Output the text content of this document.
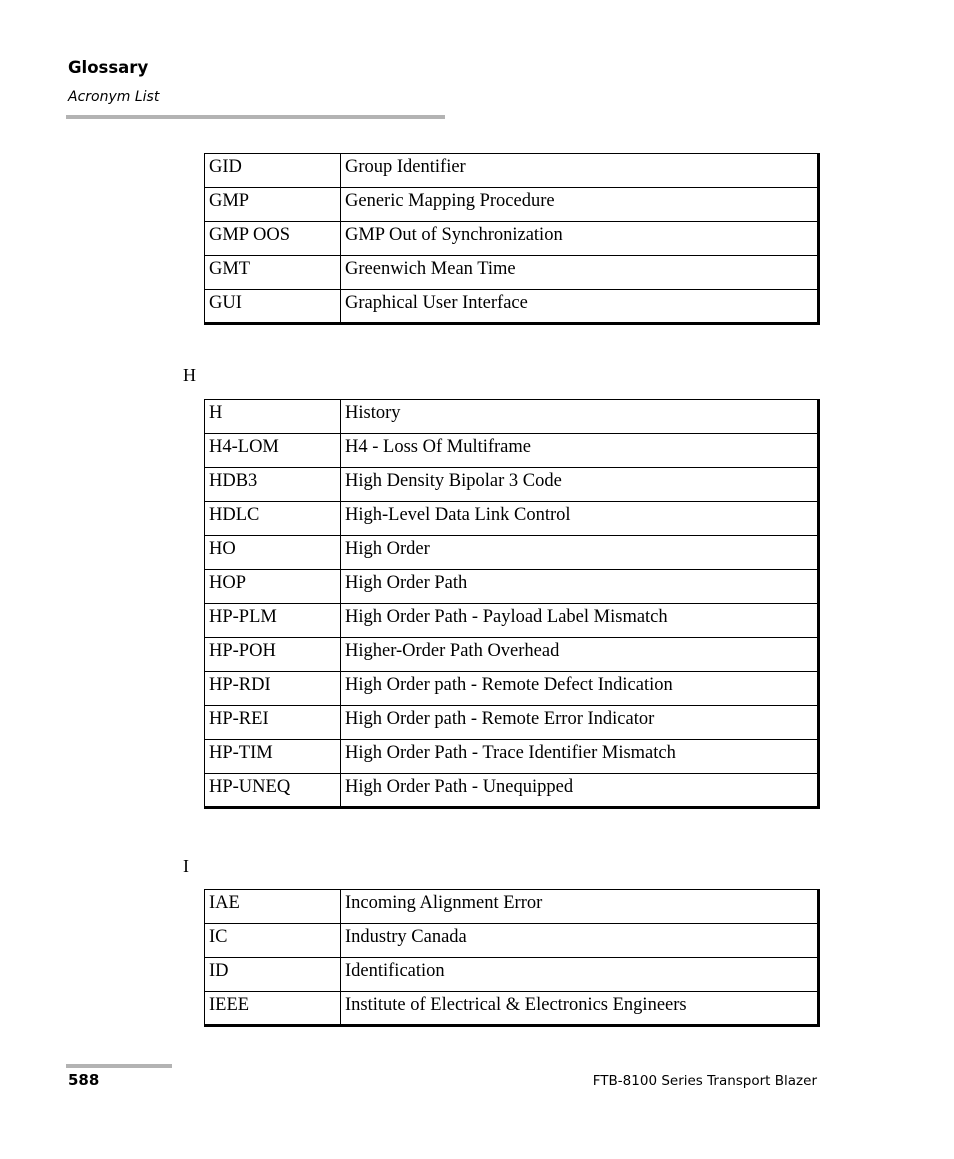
Glossary
Acronym List
GID	Group Identifier
GMP	Generic Mapping Procedure
GMP OOS	GMP Out of Synchronization
GMT	Greenwich Mean Time
GUI	Graphical User Interface
H
H	History
H4-LOM	H4 - Loss Of Multiframe
HDB3	High Density Bipolar 3 Code
HDLC	High-Level Data Link Control
HO	High Order
HOP	High Order Path
HP-PLM	High Order Path - Payload Label Mismatch
HP-POH	Higher-Order Path Overhead
HP-RDI	High Order path - Remote Defect Indication
HP-REI	High Order path - Remote Error Indicator
HP-TIM	High Order Path - Trace Identifier Mismatch
HP-UNEQ	High Order Path - Unequipped
I
IAE	Incoming Alignment Error
IC	Industry Canada
ID	Identification
IEEE	Institute of Electrical & Electronics Engineers
588	FTB-8100 Series Transport Blazer
